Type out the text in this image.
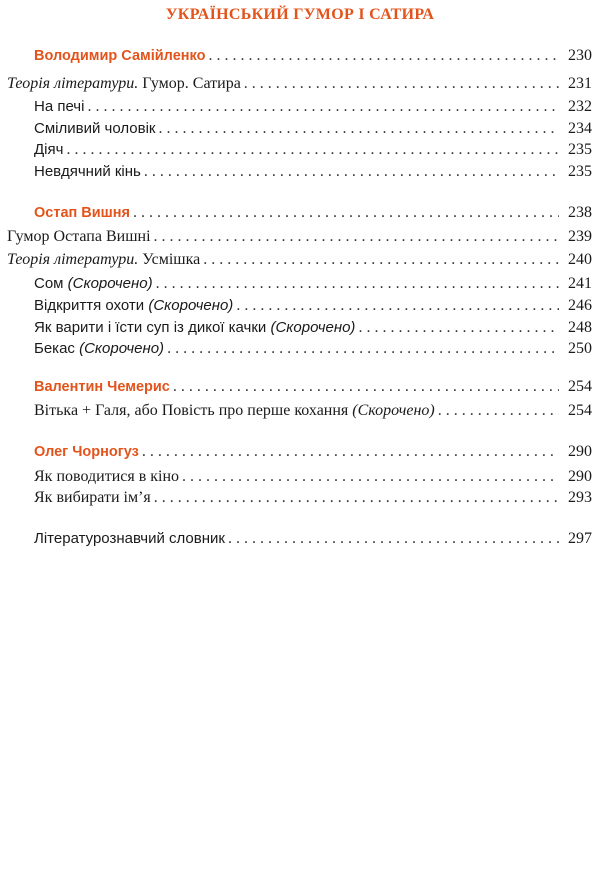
УКРАЇНСЬКИЙ ГУМОР І САТИРА
Володимир Самійленко . . .	230
Теорія літератури. Гумор. Сатира . . .	231
На печі . . .	232
Сміливий чоловік . . .	234
Діяч . . .	235
Невдячний кінь . . .	235
Остап Вишня . . .	238
Гумор Остапа Вишні . . .	239
Теорія літератури. Усмішка . . .	240
Сом (Скорочено) . . .	241
Відкриття охоти (Скорочено) . . .	246
Як варити і їсти суп із дикої качки (Скорочено) . . .	248
Бекас (Скорочено) . . .	250
Валентин Чемерис . . .	254
Вітька + Галя, або Повість про перше кохання (Скорочено) . . .	254
Олег Чорногуз . . .	290
Як поводитися в кіно . . .	290
Як вибирати ім’я . . .	293
Літературознавчий словник . . .	297
